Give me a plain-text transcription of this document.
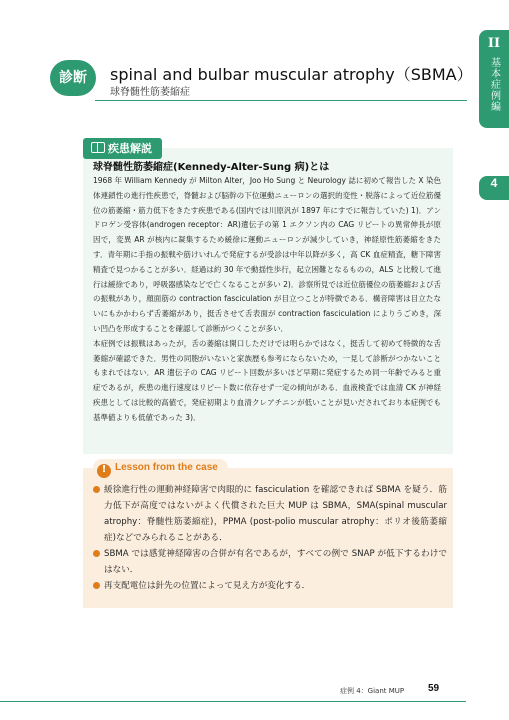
II
基本症例編
4
診断	spinal and bulbar muscular atrophy（SBMA）
球脊髄性筋萎縮症
疾患解説
球脊髄性筋萎縮症(Kennedy-Alter-Sung 病)とは

1968 年 William Kennedy が Milton Alter，Joo Ho Sung と Neurology 誌に初めて報告した X 染色体連鎖性の進行性疾患で，脊髄および脳幹の下位運動ニューロンの選択的変性・脱落によって近位筋優位の筋萎縮・筋力低下をきたす疾患である(国内では川原汎が 1897 年にすでに報告していた) 1)．アンドロゲン受容体(androgen receptor：AR)遺伝子の第 1 エクソン内の CAG リピートの異常伸長が原因で，変異 AR が核内に凝集するため緩徐に運動ニューロンが減少していき，神経原性筋萎縮をきたす．青年期に手指の振戦や筋けいれんで発症するが受診は中年以降が多く，高 CK 血症精査，糖下障害精査で見つかることが多い．経過は約 30 年で動揺性歩行，起立困難となるものの，ALS と比較して進行は緩徐であり，呼吸器感染などで亡くなることが多い 2)．診察所見では近位筋優位の筋萎縮および舌の振戦があり，顔面筋の contraction fasciculation が目立つことが特徴である．構音障害は目立たないにもかかわらず舌萎縮があり，挺舌させて舌表面が contraction fasciculation によりうごめき，深い凹凸を形成することを確認して診断がつくことが多い．

本症例では振戦はあったが，舌の萎縮は開口しただけでは明らかではなく，挺舌して初めて特徴的な舌萎縮が確認できた．男性の同胞がいないと家族歴も参考にならないため，一見して診断がつかないこともまれではない．AR 遺伝子の CAG リピート回数が多いほど早期に発症するため同一年齢でみると重症であるが，疾患の進行速度はリピート数に依存せず一定の傾向がある．血液検査では血清 CK が神経疾患としては比較的高値で，発症初期より血清クレアチニンが低いことが見いだされており本症例でも基準値よりも低値であった 3)．

! Lesson from the case
緩徐進行性の運動神経障害で肉眼的に fasciculation を確認できれば SBMA を疑う．筋力低下が高度ではないがよく代償された巨大 MUP は SBMA，SMA(spinal muscular atrophy：脊髄性筋萎縮症)，PPMA (post-polio muscular atrophy：ポリオ後筋萎縮症)などでみられることがある．
SBMA では感覚神経障害の合併が有名であるが，すべての例で SNAP が低下するわけではない．
再支配電位は針先の位置によって見え方が変化する．
症例 4：Giant MUP 59
